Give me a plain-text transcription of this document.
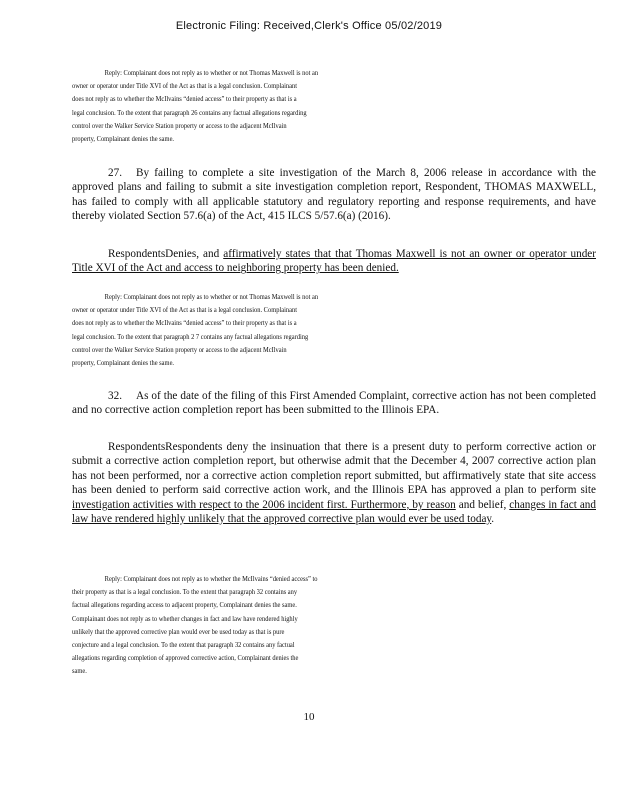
Electronic Filing: Received,Clerk's Office 05/02/2019

Reply: Complainant does not reply as to whether or not Thomas Maxwell is not an

owner or operator under Title XVI of the Act as that is a legal conclusion. Complainant

does not reply as to whether the McIlvains “denied access” to their property as that is a

legal conclusion. To the extent that paragraph 26 contains any factual allegations regarding

control over the Walker Service Station property or access to the adjacent McIlvain

property, Complainant denies the same.

27. By failing to complete a site investigation of the March 8, 2006 release in accordance with the approved plans and failing to submit a site investigation completion report, Respondent, THOMAS MAXWELL, has failed to comply with all applicable statutory and regulatory reporting and response requirements, and have thereby violated Section 57.6(a) of the Act, 415 ILCS 5/57.6(a) (2016).

RespondentsDenies, and affirmatively states that that Thomas Maxwell is not an owner or operator under Title XVI of the Act and access to neighboring property has been denied.

Reply: Complainant does not reply as to whether or not Thomas Maxwell is not an

owner or operator under Title XVI of the Act as that is a legal conclusion. Complainant

does not reply as to whether the McIlvains “denied access” to their property as that is a

legal conclusion. To the extent that paragraph 2 7 contains any factual allegations regarding

control over the Walker Service Station property or access to the adjacent McIlvain

property, Complainant denies the same.

32. As of the date of the filing of this First Amended Complaint, corrective action has not been completed and no corrective action completion report has been submitted to the Illinois EPA.

RespondentsRespondents deny the insinuation that there is a present duty to perform corrective action or submit a corrective action completion report, but otherwise admit that the December 4, 2007 corrective action plan has not been performed, nor a corrective action completion report submitted, but affirmatively state that site access has been denied to perform said corrective action work, and the Illinois EPA has approved a plan to perform site investigation activities with respect to the 2006 incident first. Furthermore, by reason and belief, changes in fact and law have rendered highly unlikely that the approved corrective plan would ever be used today.

Reply: Complainant does not reply as to whether the McIlvains “denied access” to

their property as that is a legal conclusion. To the extent that paragraph 32 contains any

factual allegations regarding access to adjacent property, Complainant denies the same.

Complainant does not reply as to whether changes in fact and law have rendered highly

unlikely that the approved corrective plan would ever be used today as that is pure

conjecture and a legal conclusion. To the extent that paragraph 32 contains any factual

allegations regarding completion of approved corrective action, Complainant denies the

same.

10
